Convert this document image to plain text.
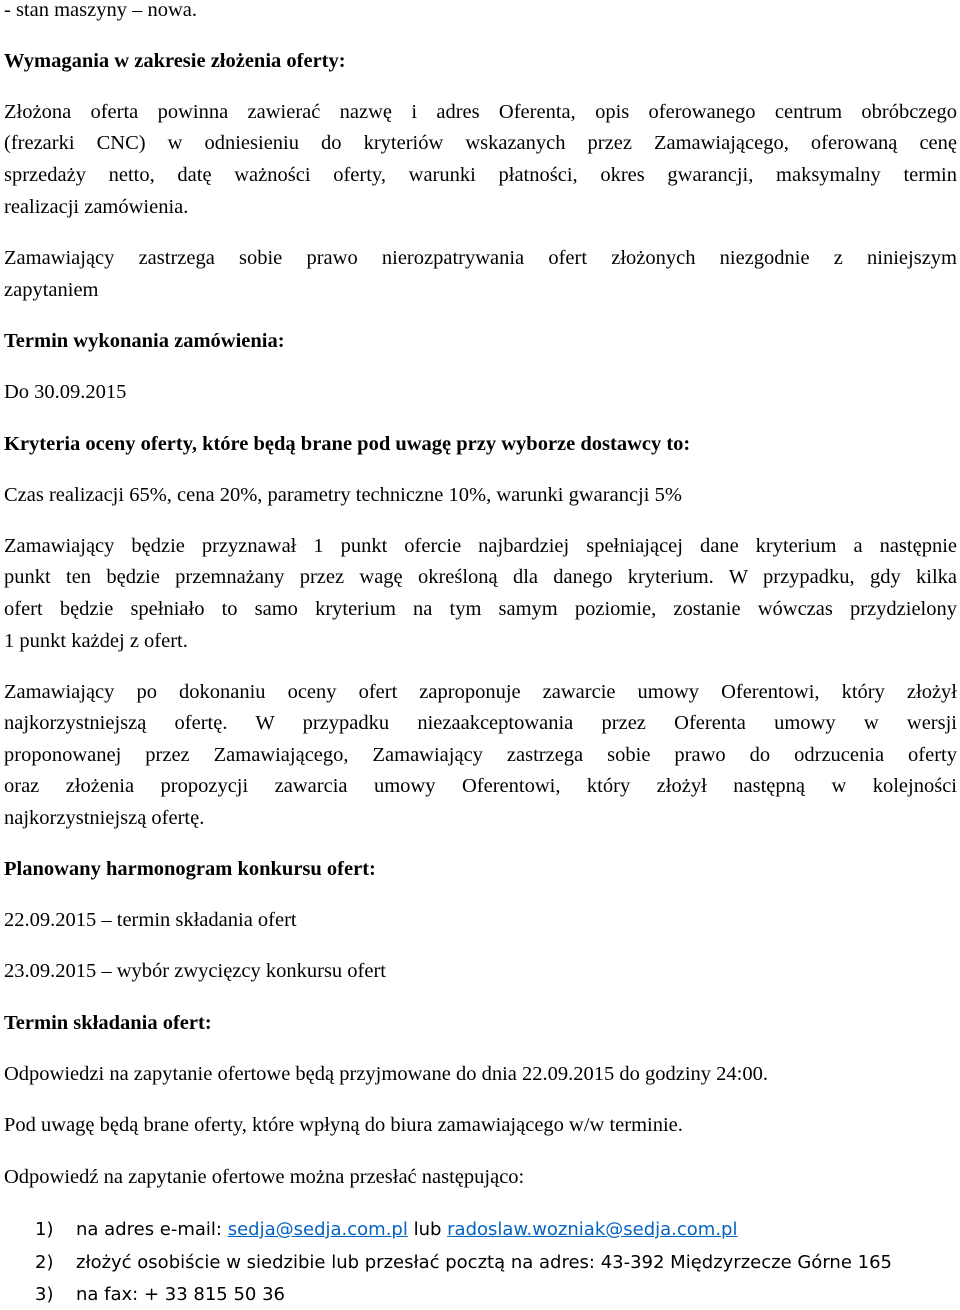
- stan maszyny – nowa.
Wymagania w zakresie złożenia oferty:
Złożona oferta powinna zawierać nazwę i adres Oferenta, opis oferowanego centrum obróbczego
(frezarki CNC) w odniesieniu do kryteriów wskazanych przez Zamawiającego, oferowaną cenę
sprzedaży netto, datę ważności oferty, warunki płatności, okres gwarancji, maksymalny termin
realizacji zamówienia.
Zamawiający zastrzega sobie prawo nierozpatrywania ofert złożonych niezgodnie z niniejszym
zapytaniem
Termin wykonania zamówienia:
Do 30.09.2015
Kryteria oceny oferty, które będą brane pod uwagę przy wyborze dostawcy to:
Czas realizacji 65%, cena 20%, parametry techniczne 10%, warunki gwarancji 5%
Zamawiający będzie przyznawał 1 punkt ofercie najbardziej spełniającej dane kryterium a następnie
punkt ten będzie przemnażany przez wagę określoną dla danego kryterium. W przypadku, gdy kilka
ofert będzie spełniało to samo kryterium na tym samym poziomie, zostanie wówczas przydzielony
1 punkt każdej z ofert.
Zamawiający po dokonaniu oceny ofert zaproponuje zawarcie umowy Oferentowi, który złożył
najkorzystniejszą ofertę. W przypadku niezaakceptowania przez Oferenta umowy w wersji
proponowanej przez Zamawiającego, Zamawiający zastrzega sobie prawo do odrzucenia oferty
oraz złożenia propozycji zawarcia umowy Oferentowi, który złożył następną w kolejności
najkorzystniejszą ofertę.
Planowany harmonogram konkursu ofert:
22.09.2015 – termin składania ofert
23.09.2015 – wybór zwycięzcy konkursu ofert
Termin składania ofert:
Odpowiedzi na zapytanie ofertowe będą przyjmowane do dnia 22.09.2015 do godziny 24:00.
Pod uwagę będą brane oferty, które wpłyną do biura zamawiającego w/w terminie.
Odpowiedź na zapytanie ofertowe można przesłać następująco:
1) na adres e-mail: sedja@sedja.com.pl lub radoslaw.wozniak@sedja.com.pl
2) złożyć osobiście w siedzibie lub przesłać pocztą na adres: 43-392 Międzyrzecze Górne 165
3) na fax: + 33 815 50 36
